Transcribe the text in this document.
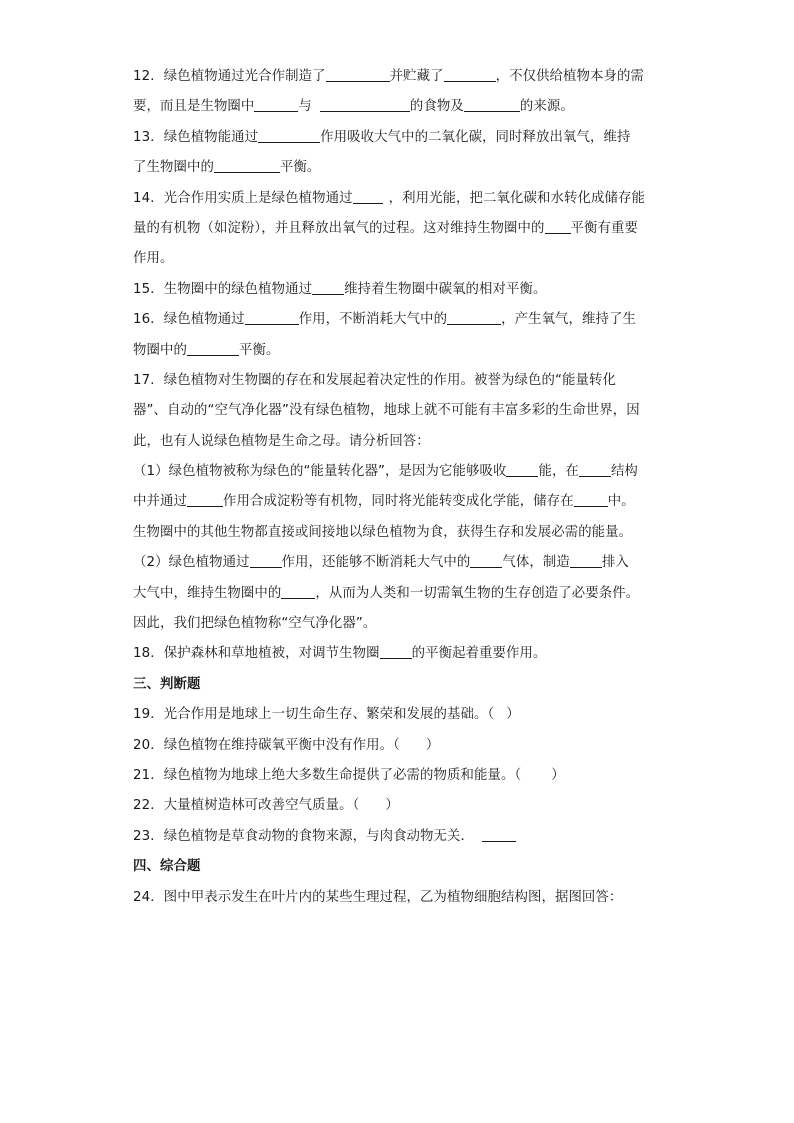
12．绿色植物通过光合作制造了	并贮藏了	，不仅供给植物本身的需
要，而且是生物圈中	与	的食物及	的来源。
13．绿色植物能通过	作用吸收大气中的二氧化碳，同时释放出氧气，维持
了生物圈中的	平衡。
14．光合作用实质上是绿色植物通过	，利用光能，把二氧化碳和水转化成储存能
量的有机物（如淀粉），并且释放出氧气的过程。这对维持生物圈中的 平衡有重要
作用。
15．生物圈中的绿色植物通过 维持着生物圈中碳氧的相对平衡。
16．绿色植物通过	作用，不断消耗大气中的	，产生氧气，维持了生
物圈中的	平衡。
17．绿色植物对生物圈的存在和发展起着决定性的作用。被誉为绿色的“能量转化
器”、自动的“空气净化器”没有绿色植物，地球上就不可能有丰富多彩的生命世界，因
此，也有人说绿色植物是生命之母。请分析回答：
（1）绿色植物被称为绿色的“能量转化器”，是因为它能够吸收 能，在 结构
中并通过	作用合成淀粉等有机物，同时将光能转变成化学能，储存在	中。
生物圈中的其他生物都直接或间接地以绿色植物为食，获得生存和发展必需的能量。
（2）绿色植物通过 作用，还能够不断消耗大气中的 气体，制造 排入
大气中，维持生物圈中的	，从而为人类和一切需氧生物的生存创造了必要条件。
因此，我们把绿色植物称“空气净化器”。
18．保护森林和草地植被，对调节生物圈 的平衡起着重要作用。
三、判断题
19．光合作用是地球上一切生命生存、繁荣和发展的基础。（ ）
20．绿色植物在维持碳氧平衡中没有作用。（ ）
21．绿色植物为地球上绝大多数生命提供了必需的物质和能量。（ ）
22．大量植树造林可改善空气质量。（ ）
23．绿色植物是草食动物的食物来源，与肉食动物无关．
四、综合题
24．图中甲表示发生在叶片内的某些生理过程，乙为植物细胞结构图，据图回答：
